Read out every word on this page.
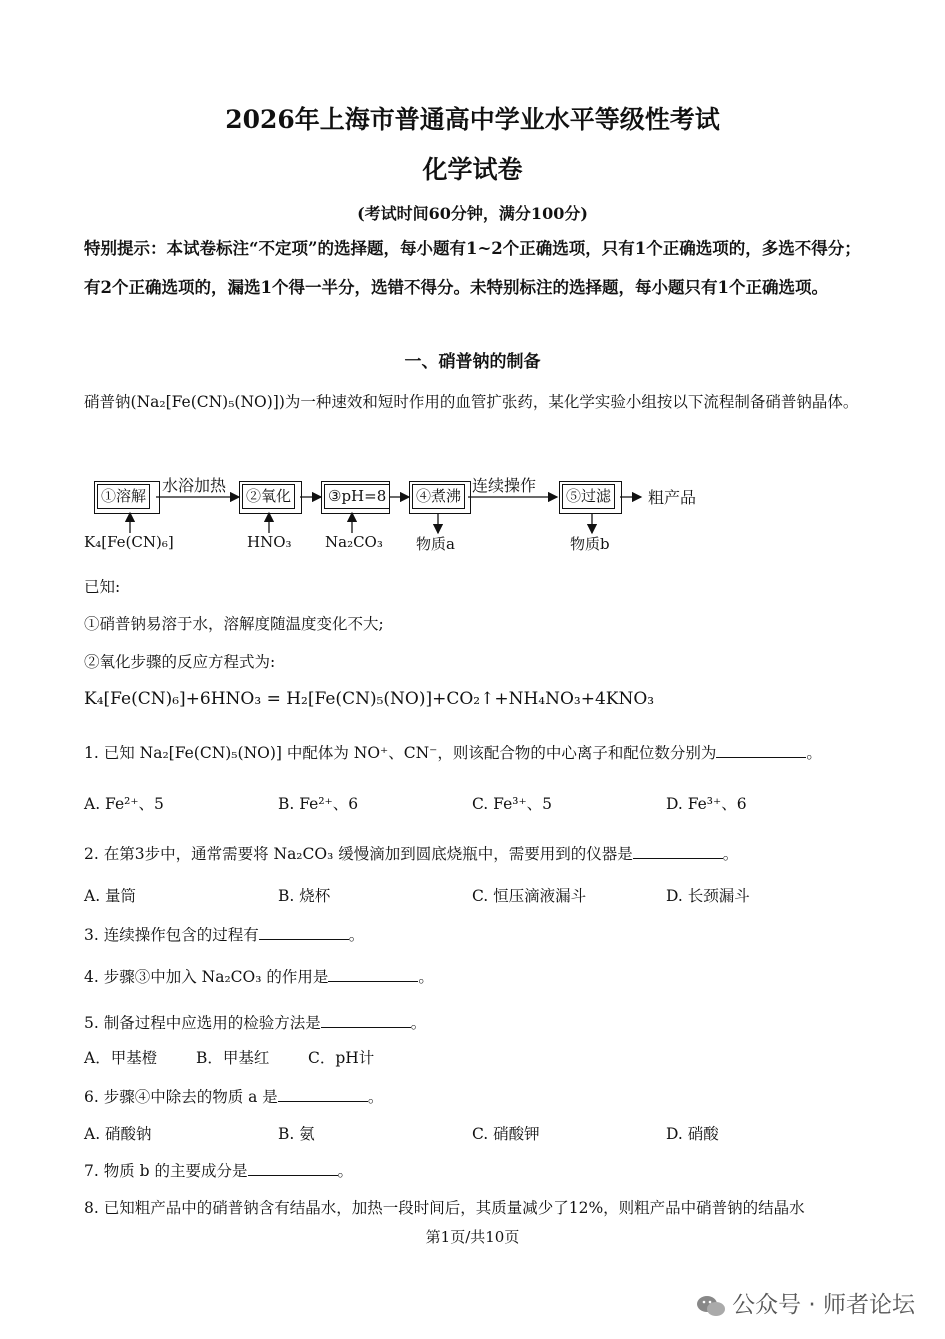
2026年上海市普通高中学业水平等级性考试
化学试卷
(考试时间60分钟，满分100分)
特别提示：本试卷标注“不定项”的选择题，每小题有1~2个正确选项，只有1个正确选项的，多选不得分；有2个正确选项的，漏选1个得一半分，选错不得分。未特别标注的选择题，每小题只有1个正确选项。
一、硝普钠的制备
硝普钠(Na₂[Fe(CN)₅(NO)])为一种速效和短时作用的血管扩张药，某化学实验小组按以下流程制备硝普钠晶体。
①溶解	②氧化 ③pH=8 ④煮沸	⑤过滤
水浴加热	连续操作
粗产品
K₄[Fe(CN)₆]	HNO₃ Na₂CO₃ 物质a	物质b
已知:
①硝普钠易溶于水，溶解度随温度变化不大;
②氧化步骤的反应方程式为:
K₄[Fe(CN)₆]+6HNO₃ = H₂[Fe(CN)₅(NO)]+CO₂↑+NH₄NO₃+4KNO₃
1. 已知 Na₂[Fe(CN)₅(NO)] 中配体为 NO⁺、CN⁻，则该配合物的中心离子和配位数分别为	。
A. Fe²⁺、5	B. Fe²⁺、6	C. Fe³⁺、5	D. Fe³⁺、6
2. 在第3步中，通常需要将 Na₂CO₃ 缓慢滴加到圆底烧瓶中，需要用到的仪器是	。
A. 量筒	B. 烧杯	C. 恒压滴液漏斗	D. 长颈漏斗
3. 连续操作包含的过程有	。
4. 步骤③中加入 Na₂CO₃ 的作用是	。
5. 制备过程中应选用的检验方法是	。
A．甲基橙	B．甲基红 C．pH计
6. 步骤④中除去的物质 a 是	。
A. 硝酸钠	B. 氨	C. 硝酸钾	D. 硝酸
7. 物质 b 的主要成分是	。
8. 已知粗产品中的硝普钠含有结晶水，加热一段时间后，其质量减少了12%，则粗产品中硝普钠的结晶水
第1页/共10页
公众号 · 师者论坛
